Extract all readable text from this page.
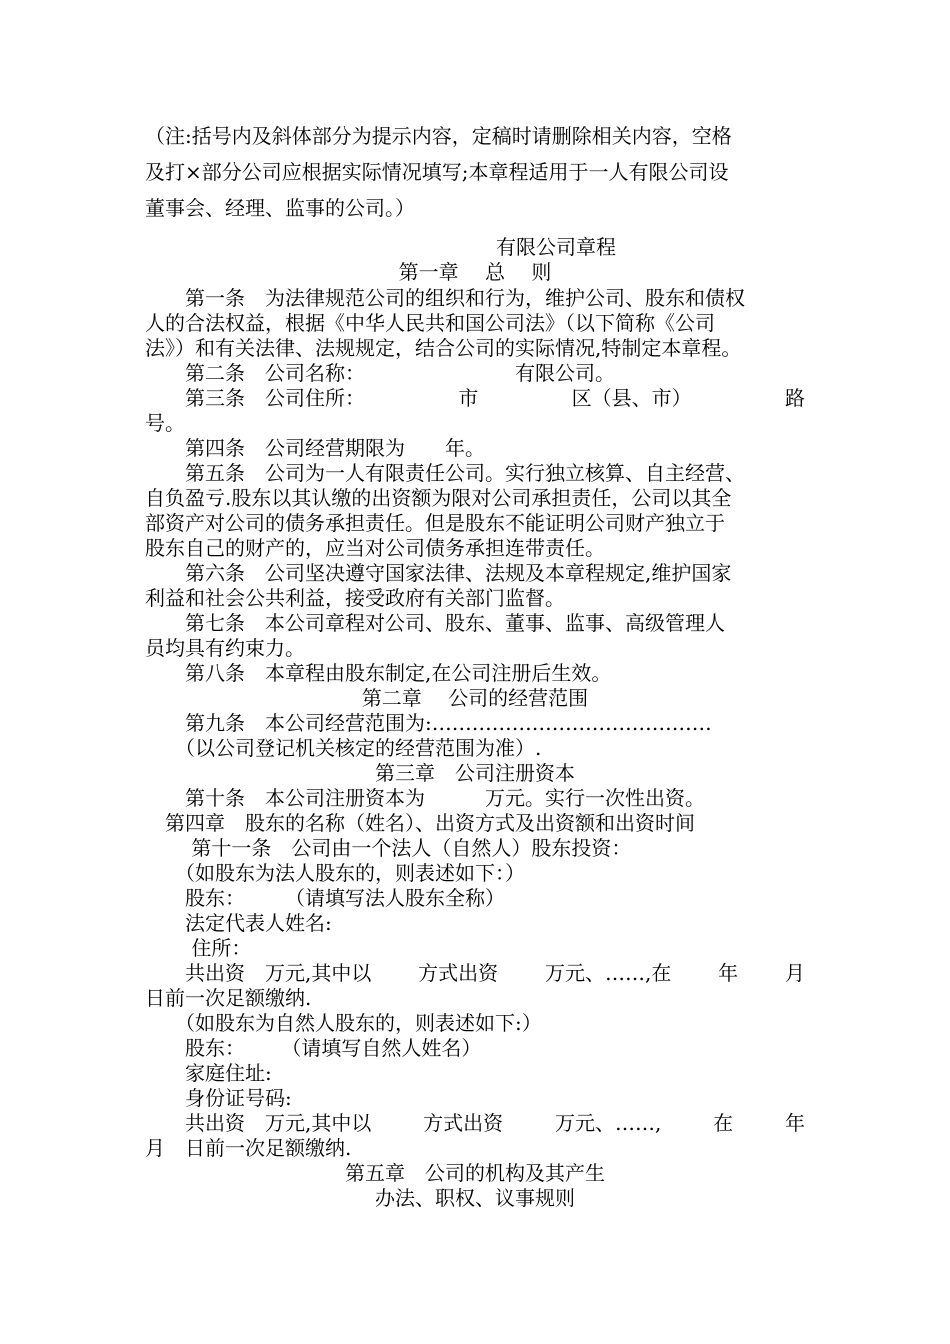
（注:括号内及斜体部分为提示内容，定稿时请删除相关内容，空格

及打×部分公司应根据实际情况填写;本章程适用于一人有限公司设

董事会、经理、监事的公司。）

有限公司章程

第一章　 总　 则

　　第一条　为法律规范公司的组织和行为，维护公司、股东和债权

人的合法权益，根据《中华人民共和国公司法》（以下简称《公司

法》）和有关法律、法规规定，结合公司的实际情况,特制定本章程。

　　第二条　公司名称：　　　　　　　　有限公司。

　　第三条　公司住所：	市	区（县、市）	路

号。

　　第四条　公司经营期限为　　年。

　　第五条　公司为一人有限责任公司。实行独立核算、自主经营、

自负盈亏.股东以其认缴的出资额为限对公司承担责任，公司以其全

部资产对公司的债务承担责任。但是股东不能证明公司财产独立于

股东自己的财产的，应当对公司债务承担连带责任。

　　第六条　公司坚决遵守国家法律、法规及本章程规定,维护国家

利益和社会公共利益，接受政府有关部门监督。

　　第七条　本公司章程对公司、股东、董事、监事、高级管理人

员均具有约束力。

　　第八条　本章程由股东制定,在公司注册后生效。

第二章　 公司的经营范围

　　第九条　本公司经营范围为:……………………………………

　　（以公司登记机关核定的经营范围为准）.

第三章　公司注册资本

　　第十条　本公司注册资本为　　　万元。实行一次性出资。

　第四章　股东的名称（姓名）、出资方式及出资额和出资时间

　　 第十一条　公司由一个法人（自然人）股东投资：

　　（如股东为法人股东的，则表述如下：）

　　股东：　　　（请填写法人股东全称）

　　法定代表人姓名:

　　 住所：

　　共出资　万元,其中以 方式出资 万元、……,在 年 月

日前一次足额缴纳.

　　（如股东为自然人股东的，则表述如下:）

　　股东：　　 （请填写自然人姓名）

　　家庭住址:

　　身份证号码:

　　共出资　万元,其中以	方式出资	万元、……,	在	年

月　日前一次足额缴纳.

第五章　公司的机构及其产生

办法、职权、议事规则
